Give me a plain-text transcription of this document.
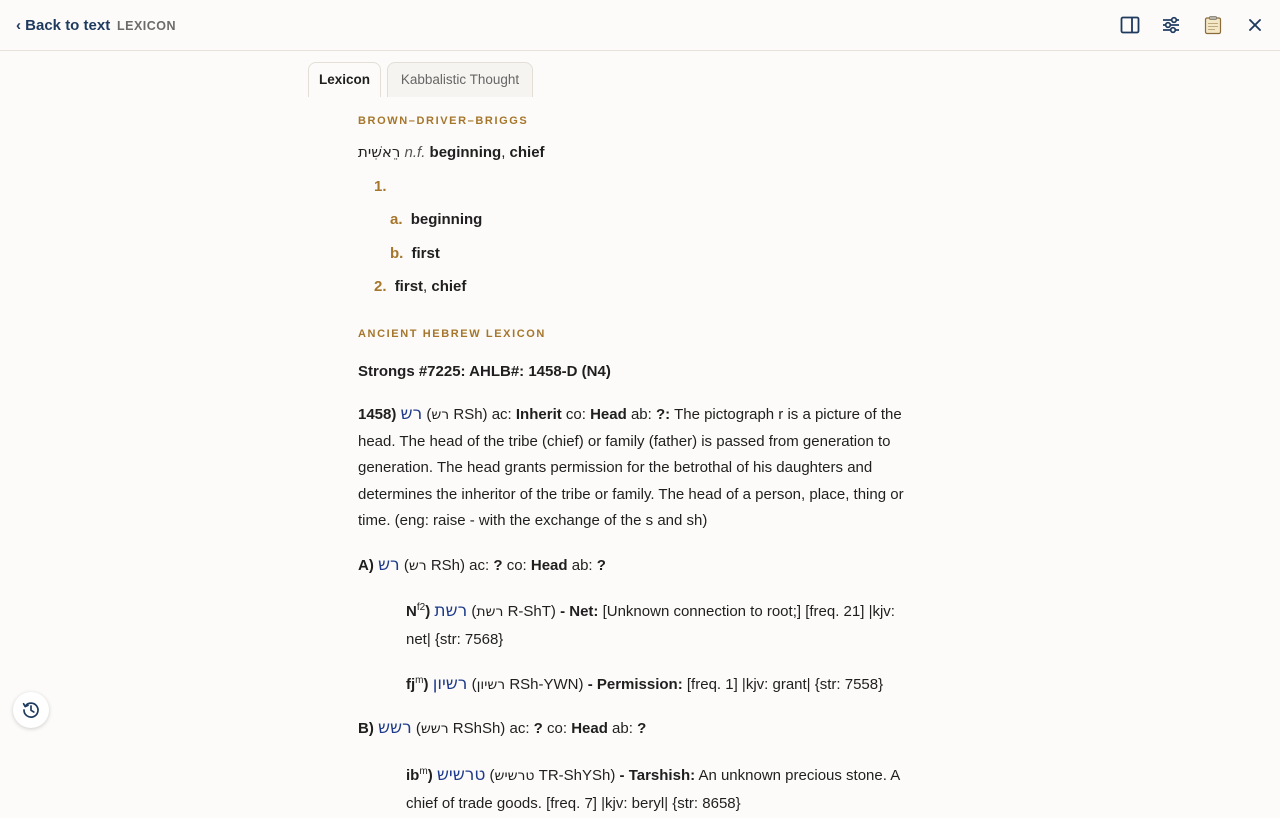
‹ Back to text LEXICON
Lexicon	Kabbalistic Thought
BROWN–DRIVER–BRIGGS
רֵאשִׁית n.f. beginning, chief
1.
a. beginning
b. first
2. first, chief
ANCIENT HEBREW LEXICON
Strongs #7225: AHLB#: 1458-D (N4)
1458) רש (רש RSh) ac: Inherit co: Head ab: ?: The pictograph r is a picture of the head. The head of the tribe (chief) or family (father) is passed from generation to generation. The head grants permission for the betrothal of his daughters and determines the inheritor of the tribe or family. The head of a person, place, thing or time. (eng: raise - with the exchange of the s and sh)
A) רש (רש RSh) ac: ? co: Head ab: ?
$N^{f2}$) רשת (רשת R-ShT) - Net: [Unknown connection to root;] [freq. 21] |kjv: net| {str: 7568}
$fj^m$) רשיון (רשיון RSh-YWN) - Permission: [freq. 1] |kjv: grant| {str: 7558}
B) רשש (רשש RShSh) ac: ? co: Head ab: ?
$ib^m$) טרשיש (טרשיש TR-ShYSh) - Tarshish: An unknown precious stone. A chief of trade goods. [freq. 7] |kjv: beryl| {str: 8658}
